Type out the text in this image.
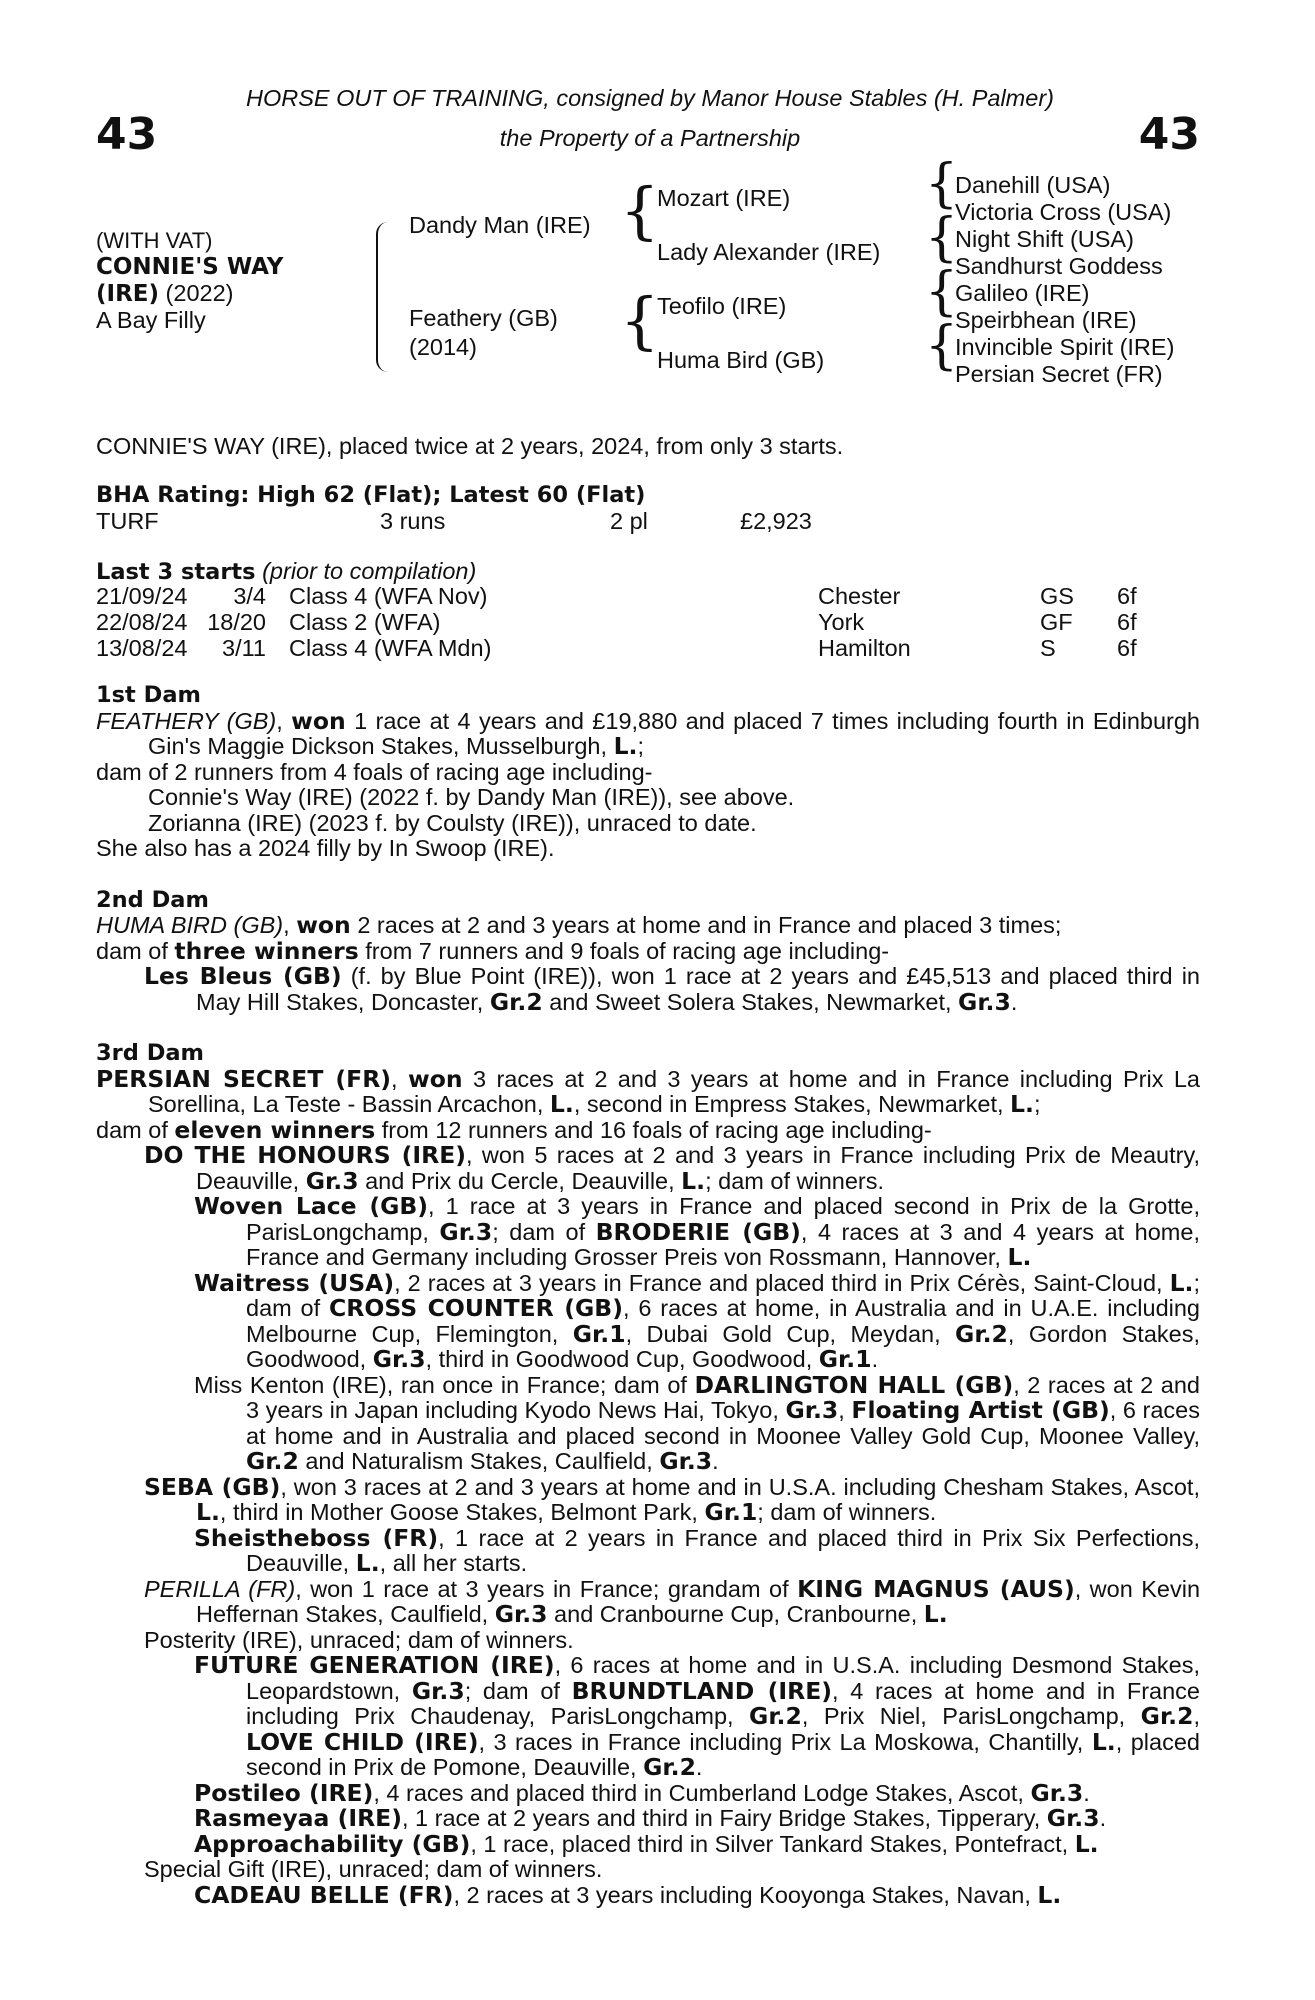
43	43
HORSE OUT OF TRAINING, consigned by Manor House Stables (H. Palmer)
the Property of a Partnership
(WITH VAT)
CONNIE'S WAY
(IRE) (2022)
A Bay Filly
Dandy Man (IRE)
Feathery (GB)
(2014)
{
{
Mozart (IRE)
Lady Alexander (IRE)
Teofilo (IRE)
Huma Bird (GB)
{
{
{
{
Danehill (USA)
Victoria Cross (USA)
Night Shift (USA)
Sandhurst Goddess
Galileo (IRE)
Speirbhean (IRE)
Invincible Spirit (IRE)
Persian Secret (FR)
CONNIE'S WAY (IRE), placed twice at 2 years, 2024, from only 3 starts.
BHA Rating: High 62 (Flat); Latest 60 (Flat)
TURF	3 runs	2 pl	£2,923
Last 3 starts (prior to compilation)
21/09/24	3/4 Class 4 (WFA Nov)	Chester	GS 6f
22/08/24 18/20 Class 2 (WFA)	York	GF 6f
13/08/24	3/11 Class 4 (WFA Mdn)	Hamilton	S	6f

1st Dam

FEATHERY (GB), won 1 race at 4 years and £19,880 and placed 7 times including fourth in Edinburgh Gin's Maggie Dickson Stakes, Musselburgh, L.;

dam of 2 runners from 4 foals of racing age including-

Connie's Way (IRE) (2022 f. by Dandy Man (IRE)), see above.

Zorianna (IRE) (2023 f. by Coulsty (IRE)), unraced to date.

She also has a 2024 filly by In Swoop (IRE).

2nd Dam

HUMA BIRD (GB), won 2 races at 2 and 3 years at home and in France and placed 3 times;

dam of three winners from 7 runners and 9 foals of racing age including-

Les Bleus (GB) (f. by Blue Point (IRE)), won 1 race at 2 years and £45,513 and placed third in May Hill Stakes, Doncaster, Gr.2 and Sweet Solera Stakes, Newmarket, Gr.3.

3rd Dam

PERSIAN SECRET (FR), won 3 races at 2 and 3 years at home and in France including Prix La Sorellina, La Teste - Bassin Arcachon, L., second in Empress Stakes, Newmarket, L.;

dam of eleven winners from 12 runners and 16 foals of racing age including-

DO THE HONOURS (IRE), won 5 races at 2 and 3 years in France including Prix de Meautry, Deauville, Gr.3 and Prix du Cercle, Deauville, L.; dam of winners.

Woven Lace (GB), 1 race at 3 years in France and placed second in Prix de la Grotte, ParisLongchamp, Gr.3; dam of BRODERIE (GB), 4 races at 3 and 4 years at home, France and Germany including Grosser Preis von Rossmann, Hannover, L.

Waitress (USA), 2 races at 3 years in France and placed third in Prix Cérès, Saint-Cloud, L.; dam of CROSS COUNTER (GB), 6 races at home, in Australia and in U.A.E. including Melbourne Cup, Flemington, Gr.1, Dubai Gold Cup, Meydan, Gr.2, Gordon Stakes, Goodwood, Gr.3, third in Goodwood Cup, Goodwood, Gr.1.

Miss Kenton (IRE), ran once in France; dam of DARLINGTON HALL (GB), 2 races at 2 and 3 years in Japan including Kyodo News Hai, Tokyo, Gr.3, Floating Artist (GB), 6 races at home and in Australia and placed second in Moonee Valley Gold Cup, Moonee Valley, Gr.2 and Naturalism Stakes, Caulfield, Gr.3.

SEBA (GB), won 3 races at 2 and 3 years at home and in U.S.A. including Chesham Stakes, Ascot, L., third in Mother Goose Stakes, Belmont Park, Gr.1; dam of winners.

Sheistheboss (FR), 1 race at 2 years in France and placed third in Prix Six Perfections, Deauville, L., all her starts.

PERILLA (FR), won 1 race at 3 years in France; grandam of KING MAGNUS (AUS), won Kevin Heffernan Stakes, Caulfield, Gr.3 and Cranbourne Cup, Cranbourne, L.

Posterity (IRE), unraced; dam of winners.

FUTURE GENERATION (IRE), 6 races at home and in U.S.A. including Desmond Stakes, Leopardstown, Gr.3; dam of BRUNDTLAND (IRE), 4 races at home and in France including Prix Chaudenay, ParisLongchamp, Gr.2, Prix Niel, ParisLongchamp, Gr.2, LOVE CHILD (IRE), 3 races in France including Prix La Moskowa, Chantilly, L., placed second in Prix de Pomone, Deauville, Gr.2.

Postileo (IRE), 4 races and placed third in Cumberland Lodge Stakes, Ascot, Gr.3.

Rasmeyaa (IRE), 1 race at 2 years and third in Fairy Bridge Stakes, Tipperary, Gr.3.

Approachability (GB), 1 race, placed third in Silver Tankard Stakes, Pontefract, L.

Special Gift (IRE), unraced; dam of winners.

CADEAU BELLE (FR), 2 races at 3 years including Kooyonga Stakes, Navan, L.
